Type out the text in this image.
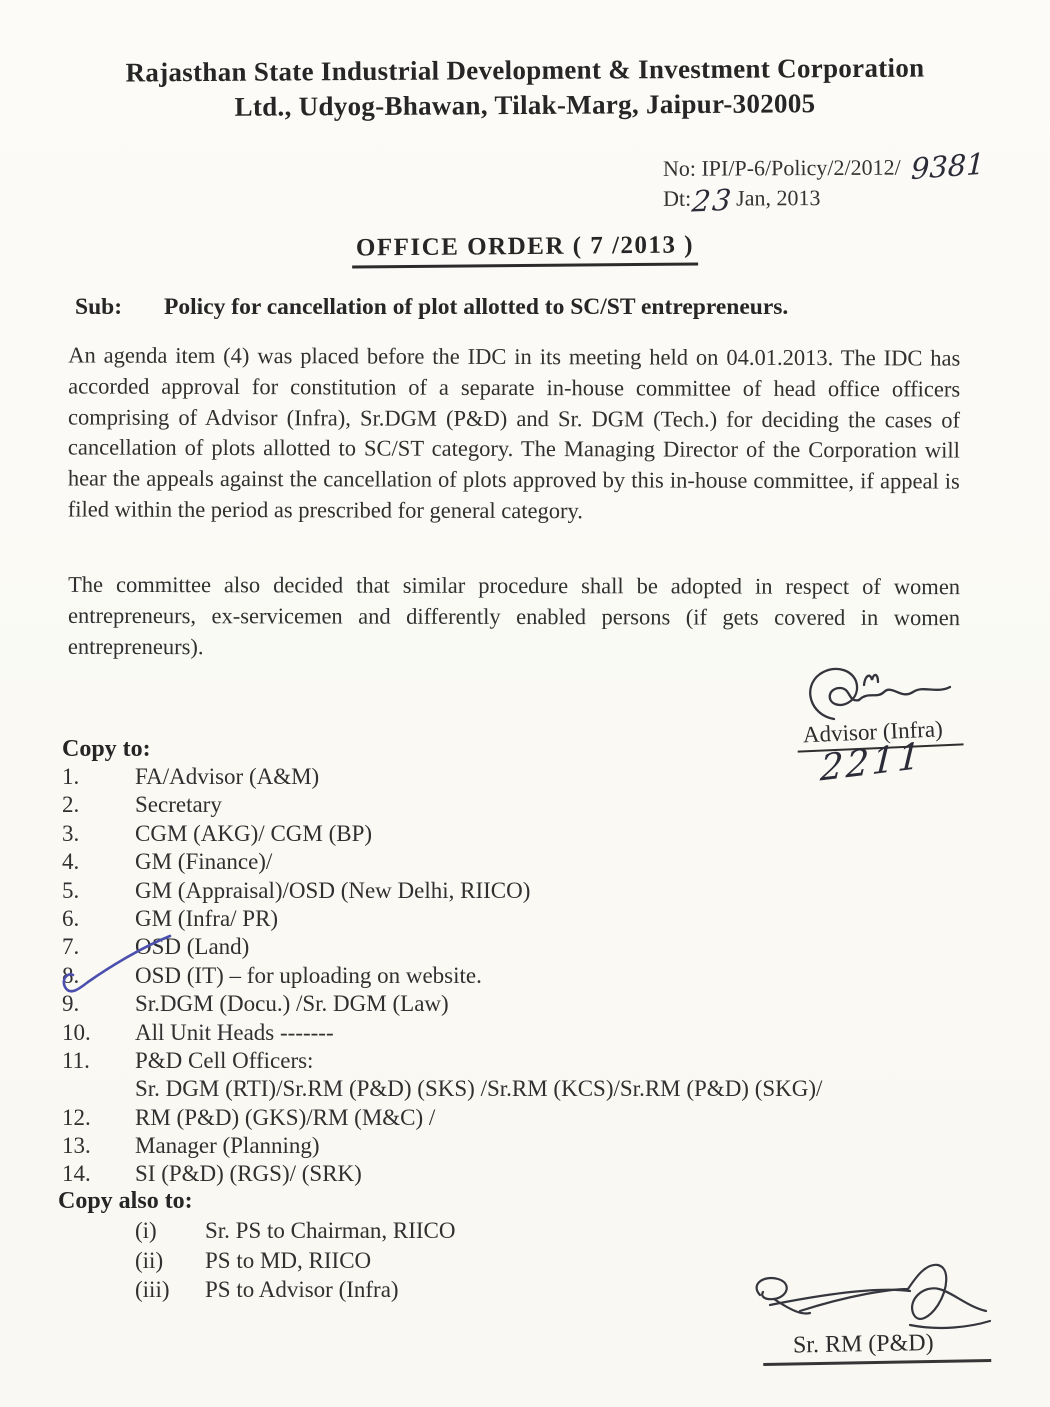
Rajasthan State Industrial Development & Investment Corporation
Ltd., Udyog-Bhawan, Tilak-Marg, Jaipur-302005
No: IPI/P-6/Policy/2/2012/ 9381
Dt:23Jan, 2013
OFFICE ORDER ( 7 /2013 )
Sub: Policy for cancellation of plot allotted to SC/ST entrepreneurs.
An agenda item (4) was placed before the IDC in its meeting held on 04.01.2013. The IDC has accorded approval for constitution of a separate in-house committee of head office officers comprising of Advisor (Infra), Sr.DGM (P&D) and Sr. DGM (Tech.) for deciding the cases of cancellation of plots allotted to SC/ST category. The Managing Director of the Corporation will hear the appeals against the cancellation of plots approved by this in-house committee, if appeal is filed within the period as prescribed for general category.
The committee also decided that similar procedure shall be adopted in respect of women entrepreneurs, ex-servicemen and differently enabled persons (if gets covered in women entrepreneurs).
Advisor (Infra)
2211
Copy to:
1.	FA/Advisor (A&M)
2.	Secretary
3.	CGM (AKG)/ CGM (BP)
4.	GM (Finance)/
5.	GM (Appraisal)/OSD (New Delhi, RIICO)
6.	GM (Infra/ PR)
7.	OSD (Land)
8.	OSD (IT) – for uploading on website.
9.	Sr.DGM (Docu.) /Sr. DGM (Law)
10.	All Unit Heads -------
11.	P&D Cell Officers:
Sr. DGM (RTI)/Sr.RM (P&D) (SKS) /Sr.RM (KCS)/Sr.RM (P&D) (SKG)/
12.	RM (P&D) (GKS)/RM (M&C) /
13.	Manager (Planning)
14.	SI (P&D) (RGS)/ (SRK)
Copy also to:
(i)	Sr. PS to Chairman, RIICO
(ii)	PS to MD, RIICO
(iii)	PS to Advisor (Infra)
Sr. RM (P&D)
